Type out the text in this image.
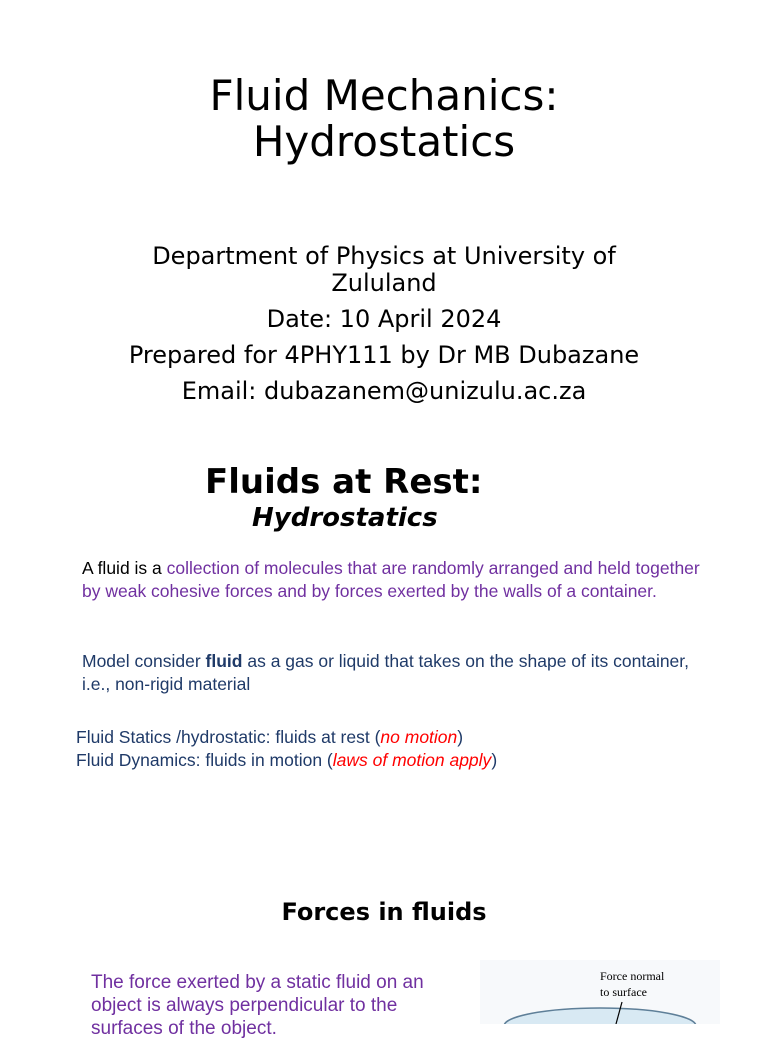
Fluid Mechanics:
Hydrostatics
Department of Physics at University of
Zululand
Date: 10 April 2024
Prepared for 4PHY111 by Dr MB Dubazane
Email: dubazanem@unizulu.ac.za
Fluids at Rest:
Hydrostatics
A fluid is a collection of molecules that are randomly arranged and held together by weak cohesive forces and by forces exerted by the walls of a container.
Model consider fluid as a gas or liquid that takes on the shape of its container, i.e., non-rigid material
Fluid Statics /hydrostatic: fluids at rest (no motion)
Fluid Dynamics: fluids in motion (laws of motion apply)
Forces in fluids
The force exerted by a static fluid on an object is always perpendicular to the surfaces of the object.
Force normal
to surface
